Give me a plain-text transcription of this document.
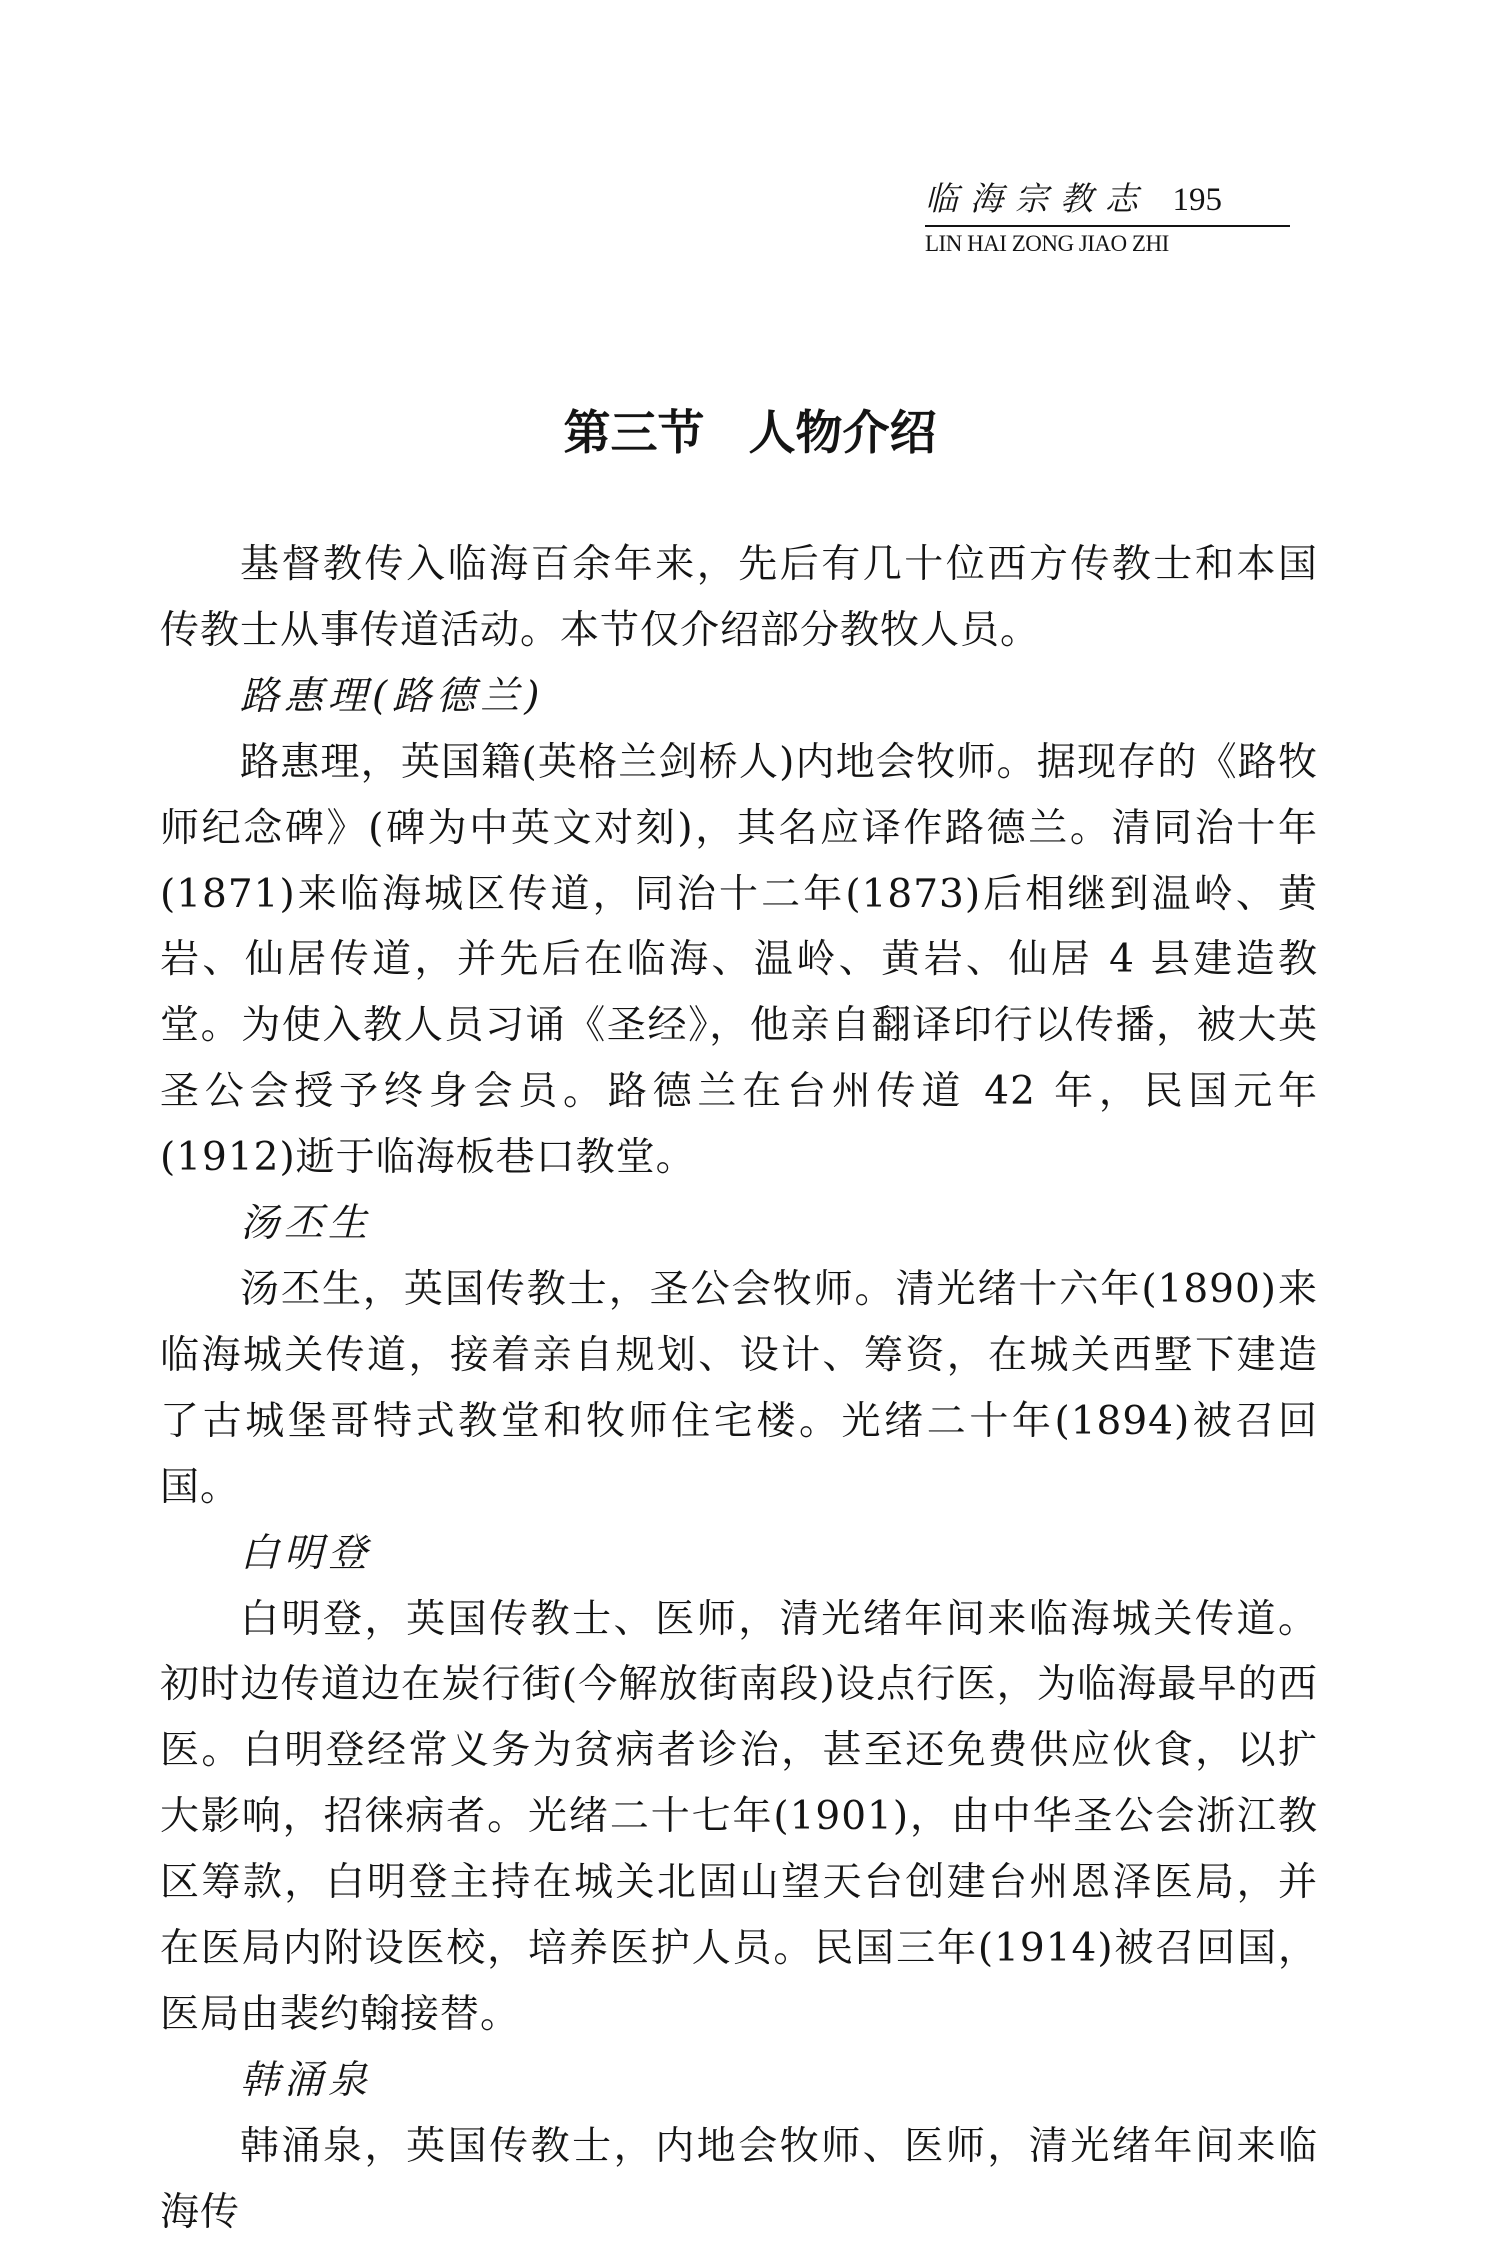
临海宗教志 195
LIN HAI ZONG JIAO ZHI
第三节 人物介绍

基督教传入临海百余年来，先后有几十位西方传教士和本国传教士从事传道活动。本节仅介绍部分教牧人员。

路惠理(路德兰)

路惠理，英国籍(英格兰剑桥人)内地会牧师。据现存的《路牧师纪念碑》(碑为中英文对刻)，其名应译作路德兰。清同治十年(1871)来临海城区传道，同治十二年(1873)后相继到温岭、黄岩、仙居传道，并先后在临海、温岭、黄岩、仙居 4 县建造教堂。为使入教人员习诵《圣经》，他亲自翻译印行以传播，被大英圣公会授予终身会员。路德兰在台州传道 42 年，民国元年(1912)逝于临海板巷口教堂。

汤丕生

汤丕生，英国传教士，圣公会牧师。清光绪十六年(1890)来临海城关传道，接着亲自规划、设计、筹资，在城关西墅下建造了古城堡哥特式教堂和牧师住宅楼。光绪二十年(1894)被召回国。

白明登

白明登，英国传教士、医师，清光绪年间来临海城关传道。初时边传道边在炭行街(今解放街南段)设点行医，为临海最早的西医。白明登经常义务为贫病者诊治，甚至还免费供应伙食，以扩大影响，招徕病者。光绪二十七年(1901)，由中华圣公会浙江教区筹款，白明登主持在城关北固山望天台创建台州恩泽医局，并在医局内附设医校，培养医护人员。民国三年(1914)被召回国，医局由裴约翰接替。

韩涌泉

韩涌泉，英国传教士，内地会牧师、医师，清光绪年间来临海传
